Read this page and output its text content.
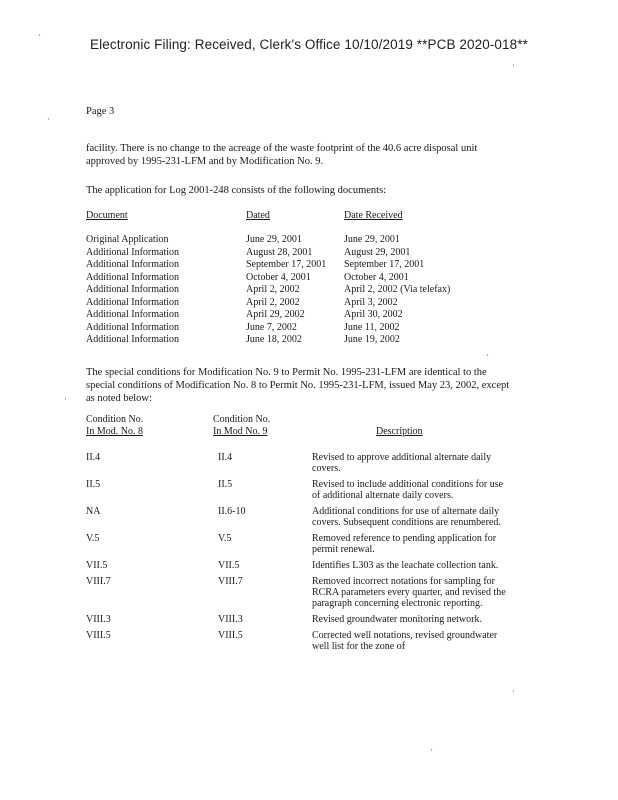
Electronic Filing: Received, Clerk's Office 10/10/2019 **PCB 2020-018**
Page 3
facility. There is no change to the acreage of the waste footprint of the 40.6 acre disposal unit approved by 1995-231-LFM and by Modification No. 9.
The application for Log 2001-248 consists of the following documents:
Document	Dated	Date Received
Original Application	June 29, 2001	June 29, 2001
Additional Information	August 28, 2001	August 29, 2001
Additional Information	September 17, 2001 September 17, 2001
Additional Information	October 4, 2001	October 4, 2001
Additional Information	April 2, 2002	April 2, 2002 (Via telefax)
Additional Information	April 2, 2002	April 3, 2002
Additional Information	April 29, 2002	April 30, 2002
Additional Information	June 7, 2002	June 11, 2002
Additional Information	June 18, 2002	June 19, 2002
The special conditions for Modification No. 9 to Permit No. 1995-231-LFM are identical to the special conditions of Modification No. 8 to Permit No. 1995-231-LFM, issued May 23, 2002, except as noted below:
Condition No.
In Mod. No. 8
Condition No.
In Mod No. 9	Description
II.4	II.4	Revised to approve additional alternate daily covers.
II.5	II.5	Revised to include additional conditions for use of additional alternate daily covers.
NA	II.6-10	Additional conditions for use of alternate daily covers. Subsequent conditions are renumbered.
V.5	V.5	Removed reference to pending application for permit renewal.
VII.5	VII.5	Identifies L303 as the leachate collection tank.
VIII.7	VIII.7	Removed incorrect notations for sampling for RCRA parameters every quarter, and revised the paragraph concerning electronic reporting.
VIII.3	VIII.3	Revised groundwater monitoring network.
VIII.5	VIII.5	Corrected well notations, revised groundwater well list for the zone of
·
·
·
·
·
·
·
